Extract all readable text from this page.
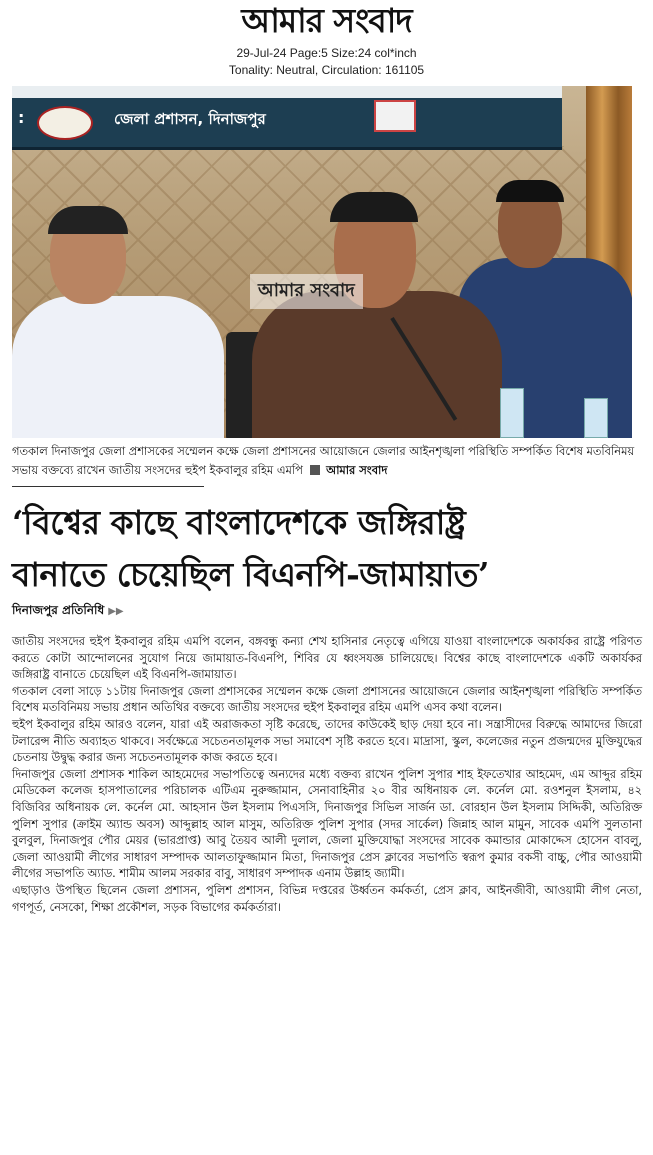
আমার সংবাদ
29-Jul-24 Page:5 Size:24 col*inch
Tonality: Neutral, Circulation: 161105
:	জেলা প্রশাসন, দিনাজপুর
আমার সংবাদ
গতকাল দিনাজপুর জেলা প্রশাসকের সম্মেলন কক্ষে জেলা প্রশাসনের আয়োজনে জেলার আইনশৃঙ্খলা পরিস্থিতি সম্পর্কিত বিশেষ মতবিনিময় সভায় বক্তব্যে রাখেন জাতীয় সংসদের হুইপ ইকবালুর রহিম এমপি আমার সংবাদ
‘বিশ্বের কাছে বাংলাদেশকে জঙ্গিরাষ্ট্র
বানাতে চেয়েছিল বিএনপি-জামায়াত’
দিনাজপুর প্রতিনিধি ▶▶

জাতীয় সংসদের হুইপ ইকবালুর রহিম এমপি বলেন, বঙ্গবন্ধু কন্যা শেখ হাসিনার নেতৃত্বে এগিয়ে যাওয়া বাংলাদেশকে অকার্যকর রাষ্ট্রে পরিণত করতে কোটা আন্দোলনের সুযোগ নিয়ে জামায়াত-বিএনপি, শিবির যে ধ্বংসযজ্ঞ চালিয়েছে। বিশ্বের কাছে বাংলাদেশকে একটি অকার্যকর জঙ্গিরাষ্ট্র বানাতে চেয়েছিল এই বিএনপি-জামায়াত।

গতকাল বেলা সাড়ে ১১টায় দিনাজপুর জেলা প্রশাসকের সম্মেলন কক্ষে জেলা প্রশাসনের আয়োজনে জেলার আইনশৃঙ্খলা পরিস্থিতি সম্পর্কিত বিশেষ মতবিনিময় সভায় প্রধান অতিথির বক্তব্যে জাতীয় সংসদের হুইপ ইকবালুর রহিম এমপি এসব কথা বলেন।

হুইপ ইকবালুর রহিম আরও বলেন, যারা এই অরাজকতা সৃষ্টি করেছে, তাদের কাউকেই ছাড় দেয়া হবে না। সন্ত্রাসীদের বিরুদ্ধে আমাদের জিরো টলারেন্স নীতি অব্যাহত থাকবে। সর্বক্ষেত্রে সচেতনতামূলক সভা সমাবেশ সৃষ্টি করতে হবে। মাদ্রাসা, স্কুল, কলেজের নতুন প্রজন্মদের মুক্তিযুদ্ধের চেতনায় উদ্বুদ্ধ করার জন্য সচেতনতামূলক কাজ করতে হবে।

দিনাজপুর জেলা প্রশাসক শাকিল আহমেদের সভাপতিত্বে অন্যদের মধ্যে বক্তব্য রাখেন পুলিশ সুপার শাহ ইফতেখার আহমেদ, এম আব্দুর রহিম মেডিকেল কলেজ হাসপাতালের পরিচালক এটিএম নুরুজ্জামান, সেনাবাহিনীর ২০ বীর অধিনায়ক লে. কর্নেল মো. রওশনুল ইসলাম, ৪২ বিজিবির অধিনায়ক লে. কর্নেল মো. আহসান উল ইসলাম পিএসসি, দিনাজপুর সিভিল সার্জন ডা. বোরহান উল ইসলাম সিদ্দিকী, অতিরিক্ত পুলিশ সুপার (ক্রাইম অ্যান্ড অবস) আব্দুল্লাহ আল মাসুম, অতিরিক্ত পুলিশ সুপার (সদর সার্কেল) জিন্নাহ আল মামুন, সাবেক এমপি সুলতানা বুলবুল, দিনাজপুর পৌর মেয়র (ভারপ্রাপ্ত) আবু তৈয়ব আলী দুলাল, জেলা মুক্তিযোদ্ধা সংসদের সাবেক কমান্ডার মোকাদ্দেস হোসেন বাবলু, জেলা আওয়ামী লীগের সাধারণ সম্পাদক আলতাফুজ্জামান মিতা, দিনাজপুর প্রেস ক্লাবের সভাপতি স্বরূপ কুমার বকসী বাচ্চু, পৌর আওয়ামী লীগের সভাপতি অ্যাড. শামীম আলম সরকার বাবু, সাধারণ সম্পাদক এনাম উল্লাহ জ্যামী।

এছাড়াও উপস্থিত ছিলেন জেলা প্রশাসন, পুলিশ প্রশাসন, বিভিন্ন দপ্তরের উর্ধ্বতন কর্মকর্তা, প্রেস ক্লাব, আইনজীবী, আওয়ামী লীগ নেতা, গণপূর্ত, নেসকো, শিক্ষা প্রকৌশল, সড়ক বিভাগের কর্মকর্তারা।
